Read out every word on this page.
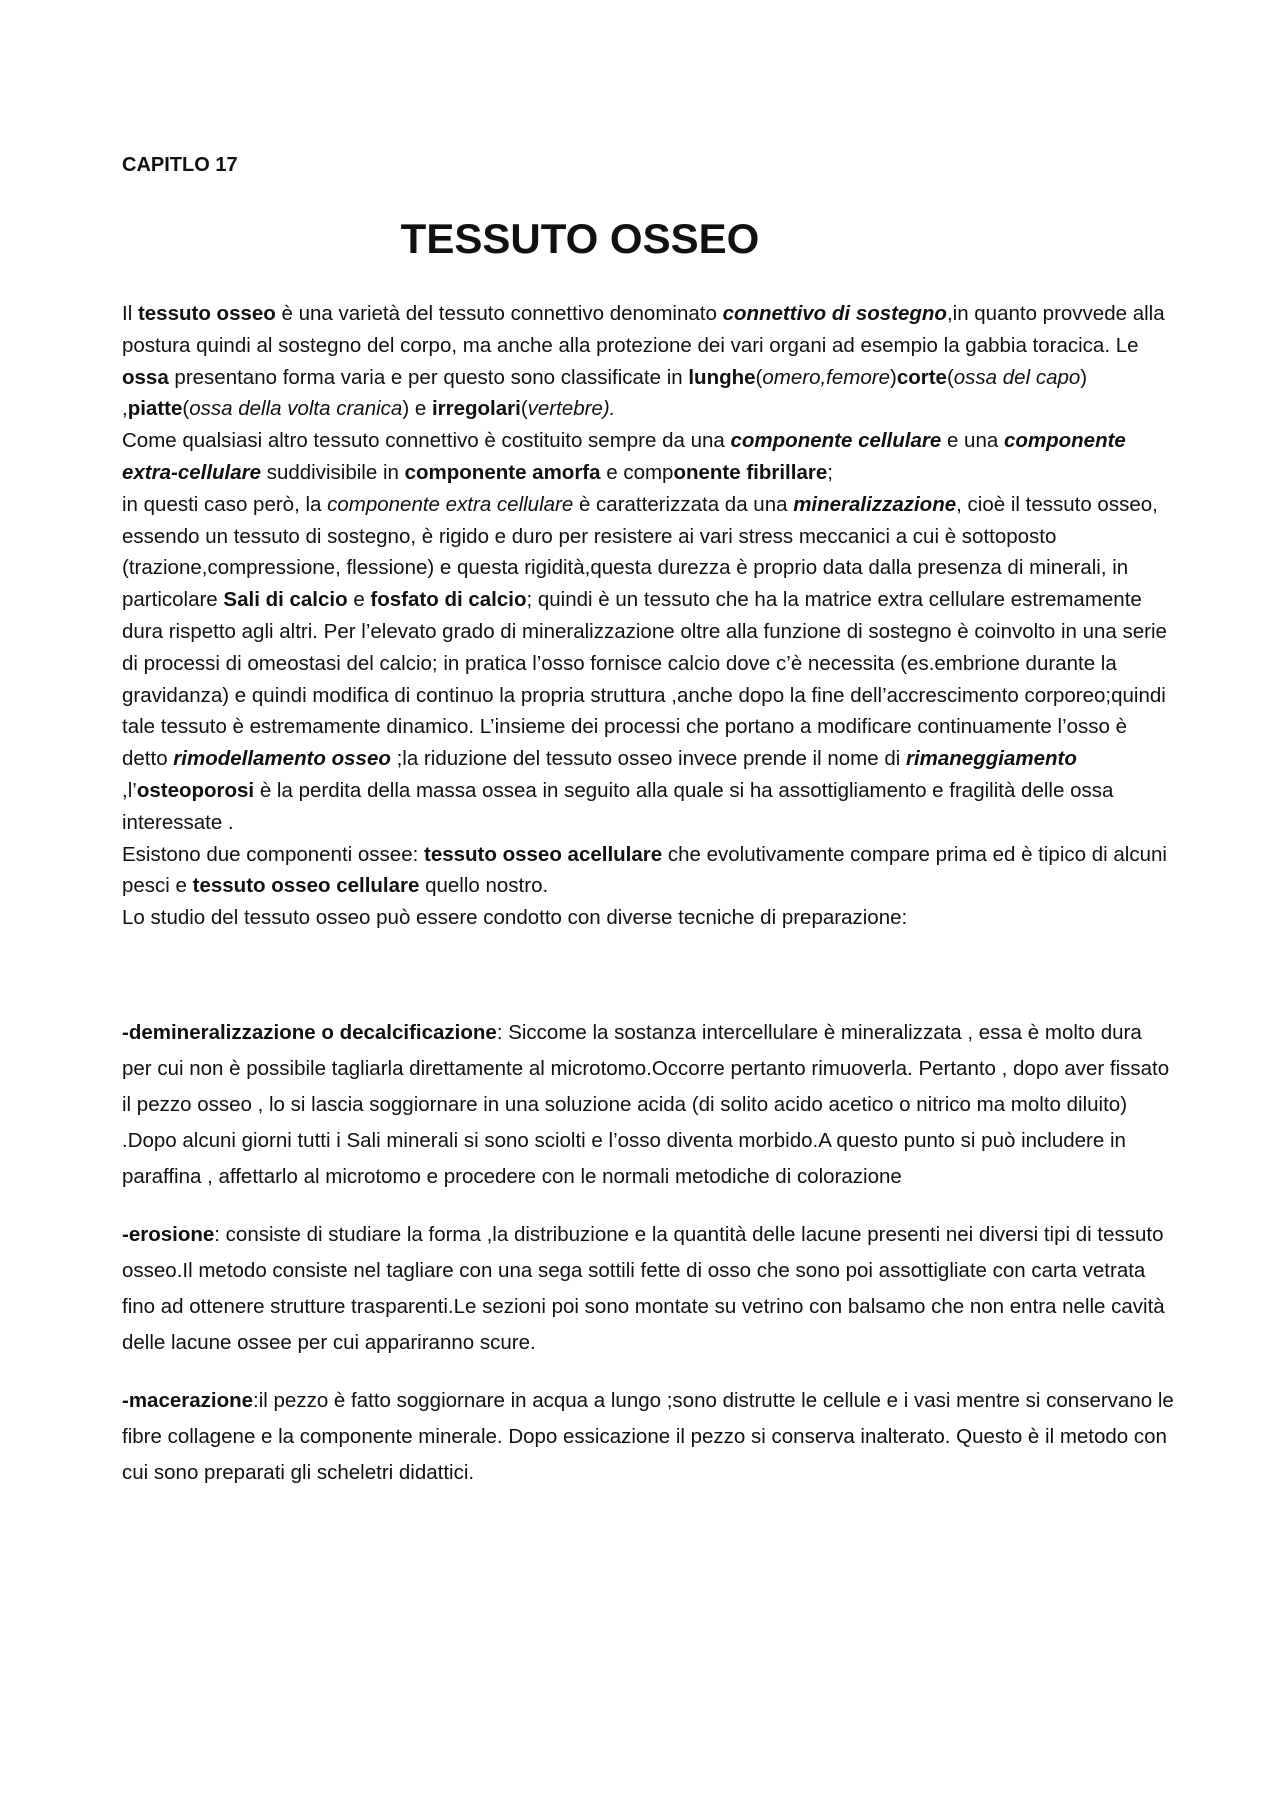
CAPITLO 17

TESSUTO OSSEO

Il tessuto osseo è una varietà del tessuto connettivo denominato connettivo di sostegno,in quanto provvede alla postura quindi al sostegno del corpo, ma anche alla protezione dei vari organi ad esempio la gabbia toracica. Le ossa presentano forma varia e per questo sono classificate in lunghe(omero,femore)corte(ossa del capo) ,piatte(ossa della volta cranica) e irregolari(vertebre).

Come qualsiasi altro tessuto connettivo è costituito sempre da una componente cellulare e una componente extra-cellulare suddivisibile in componente amorfa e componente fibrillare;

in questi caso però, la componente extra cellulare è caratterizzata da una mineralizzazione, cioè il tessuto osseo, essendo un tessuto di sostegno, è rigido e duro per resistere ai vari stress meccanici a cui è sottoposto (trazione,compressione, flessione) e questa rigidità,questa durezza è proprio data dalla presenza di minerali, in particolare Sali di calcio e fosfato di calcio; quindi è un tessuto che ha la matrice extra cellulare estremamente dura rispetto agli altri. Per l’elevato grado di mineralizzazione oltre alla funzione di sostegno è coinvolto in una serie di processi di omeostasi del calcio; in pratica l’osso fornisce calcio dove c’è necessita (es.embrione durante la gravidanza) e quindi modifica di continuo la propria struttura ,anche dopo la fine dell’accrescimento corporeo;quindi tale tessuto è estremamente dinamico. L’insieme dei processi che portano a modificare continuamente l’osso è detto rimodellamento osseo ;la riduzione del tessuto osseo invece prende il nome di rimaneggiamento ,l’osteoporosi è la perdita della massa ossea in seguito alla quale si ha assottigliamento e fragilità delle ossa interessate .

Esistono due componenti ossee: tessuto osseo acellulare che evolutivamente compare prima ed è tipico di alcuni pesci e tessuto osseo cellulare quello nostro.

Lo studio del tessuto osseo può essere condotto con diverse tecniche di preparazione:

-demineralizzazione o decalcificazione: Siccome la sostanza intercellulare è mineralizzata , essa è molto dura per cui non è possibile tagliarla direttamente al microtomo.Occorre pertanto rimuoverla. Pertanto , dopo aver fissato il pezzo osseo , lo si lascia soggiornare in una soluzione acida (di solito acido acetico o nitrico ma molto diluito) .Dopo alcuni giorni tutti i Sali minerali si sono sciolti e l’osso diventa morbido.A questo punto si può includere in paraffina , affettarlo al microtomo e procedere con le normali metodiche di colorazione

-erosione: consiste di studiare la forma ,la distribuzione e la quantità delle lacune presenti nei diversi tipi di tessuto osseo.Il metodo consiste nel tagliare con una sega sottili fette di osso che sono poi assottigliate con carta vetrata fino ad ottenere strutture trasparenti.Le sezioni poi sono montate su vetrino con balsamo che non entra nelle cavità delle lacune ossee per cui appariranno scure.

-macerazione:il pezzo è fatto soggiornare in acqua a lungo ;sono distrutte le cellule e i vasi mentre si conservano le fibre collagene e la componente minerale. Dopo essicazione il pezzo si conserva inalterato. Questo è il metodo con cui sono preparati gli scheletri didattici.
